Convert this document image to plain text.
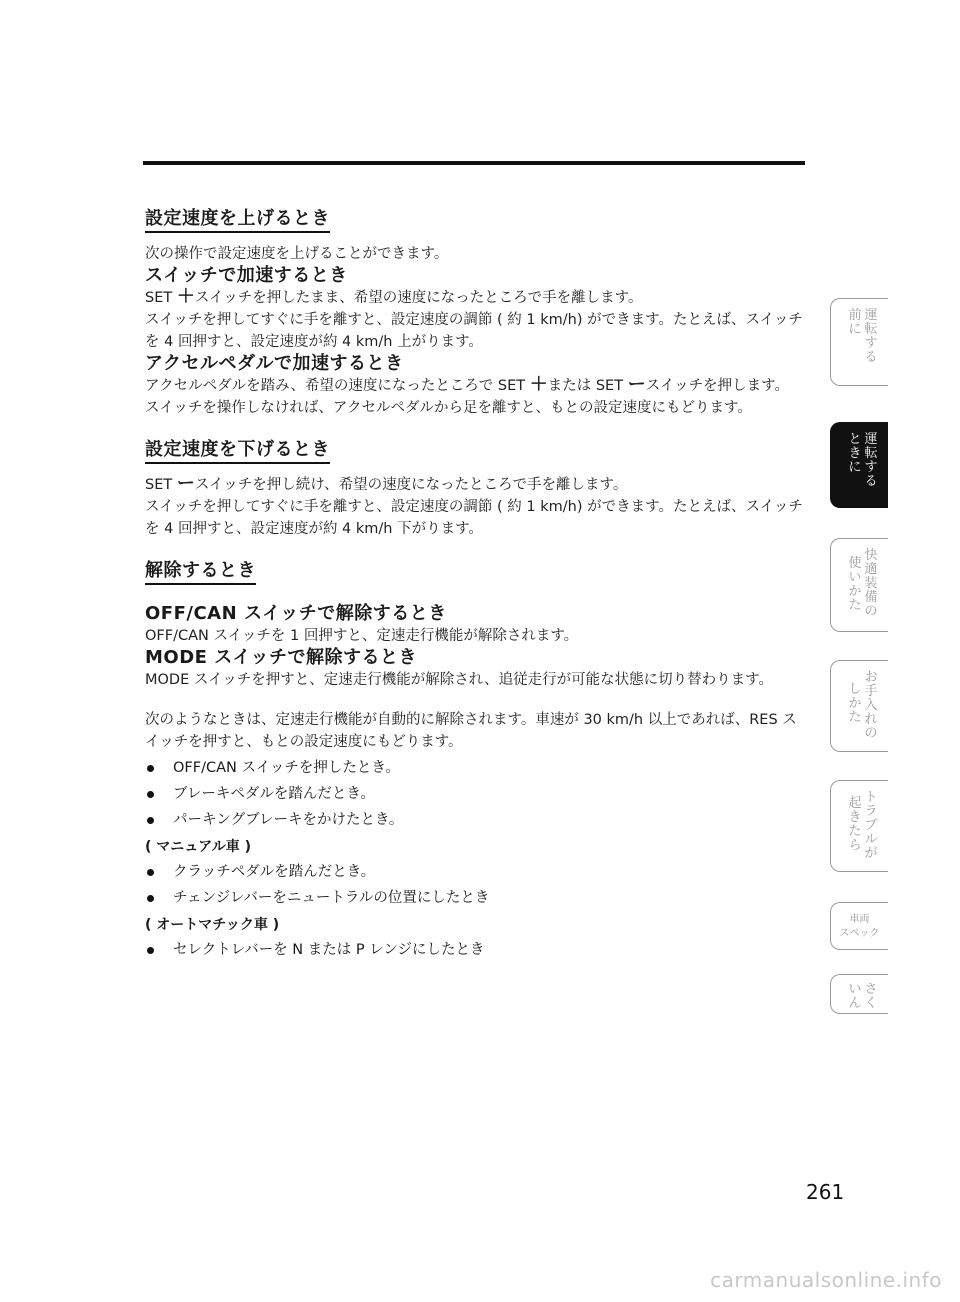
設定速度を上げるとき

次の操作で設定速度を上げることができます。

スイッチで加速するとき

SET ＋スイッチを押したまま、希望の速度になったところで手を離します。

スイッチを押してすぐに手を離すと、設定速度の調節 ( 約 1 km/h) ができます。たとえば、スイッチを 4 回押すと、設定速度が約 4 km/h 上がります。

アクセルペダルで加速するとき

アクセルペダルを踏み、希望の速度になったところで SET ＋または SET ースイッチを押します。

スイッチを操作しなければ、アクセルペダルから足を離すと、もとの設定速度にもどります。

設定速度を下げるとき

SET ースイッチを押し続け、希望の速度になったところで手を離します。

スイッチを押してすぐに手を離すと、設定速度の調節 ( 約 1 km/h) ができます。たとえば、スイッチを 4 回押すと、設定速度が約 4 km/h 下がります。

解除するとき
OFF/CAN スイッチで解除するとき

OFF/CAN スイッチを 1 回押すと、定速走行機能が解除されます。

MODE スイッチで解除するとき

MODE スイッチを押すと、定速走行機能が解除され、追従走行が可能な状態に切り替わります。

次のようなときは、定速走行機能が自動的に解除されます。車速が 30 km/h 以上であれば、RES スイッチを押すと、もとの設定速度にもどります。

OFF/CAN スイッチを押したとき。
ブレーキペダルを踏んだとき。
パーキングブレーキをかけたとき。
( マニュアル車 )
クラッチペダルを踏んだとき。
チェンジレバーをニュートラルの位置にしたとき
( オートマチック車 )
セレクトレバーを N または P レンジにしたとき
運転する
前に
運転する
ときに
快適装備の
使いかた
お手入れの
しかた
トラブルが
起きたら
車両
スペック
さく
いん
261
carmanualsonline.info
